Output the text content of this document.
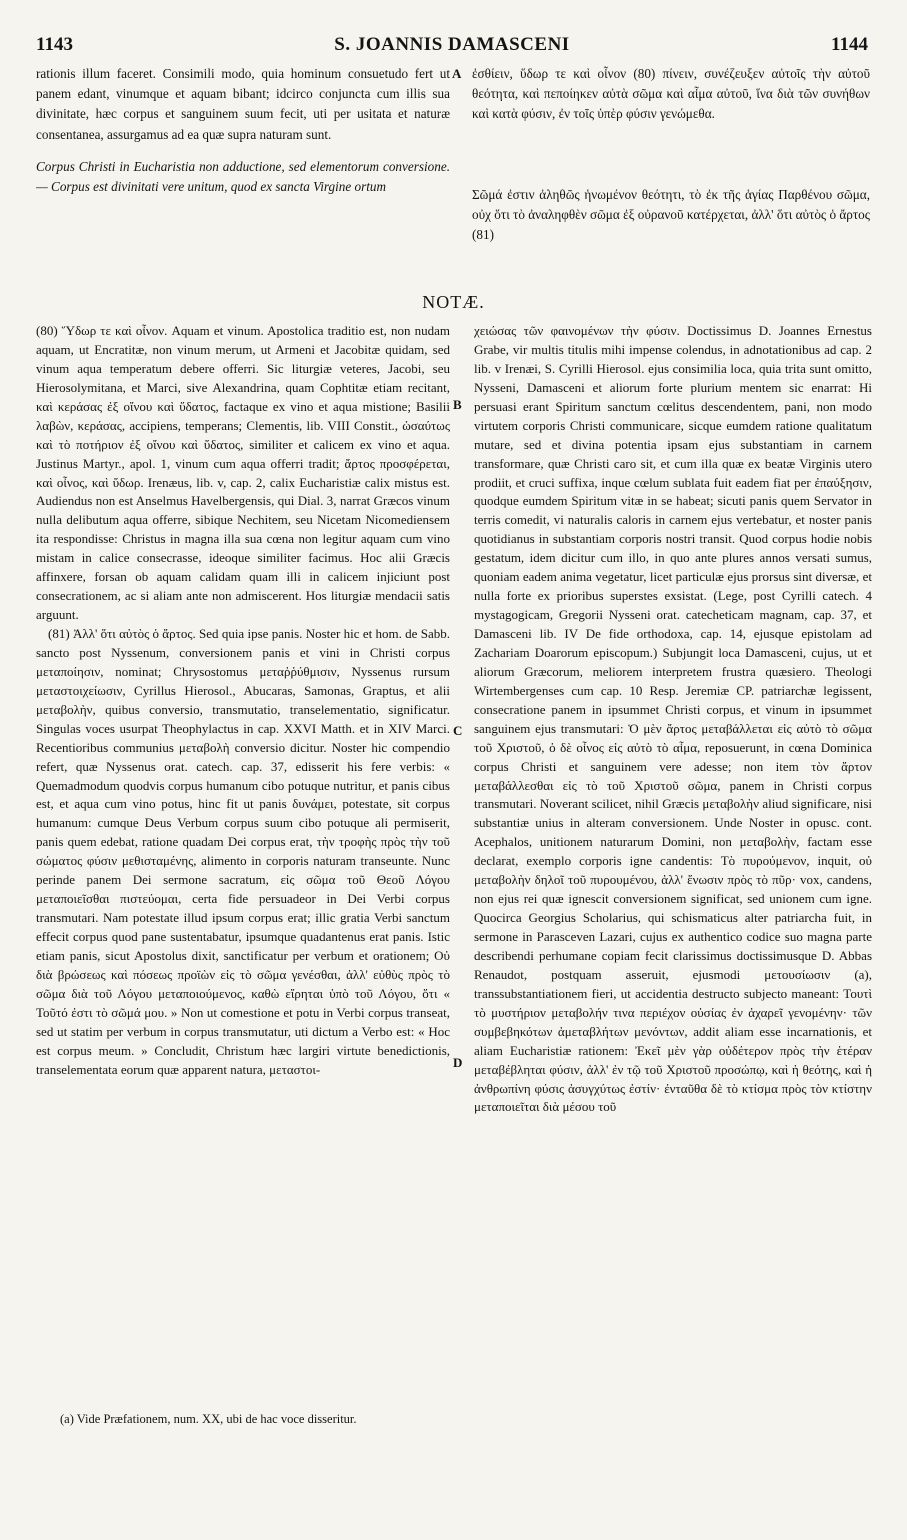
1143	S. JOANNIS DAMASCENI	1144

rationis illum faceret. Consimili modo, quia hominum consuetudo fert ut panem edant, vinumque et aquam bibant; idcirco conjuncta cum illis sua divinitate, hæc corpus et sanguinem suum fecit, uti per usitata et naturæ consentanea, assurgamus ad ea quæ supra naturam sunt.

Corpus Christi in Eucharistia non adductione, sed elementorum conversione. — Corpus est divinitati vere unitum, quod ex sancta Virgine ortum

A ἐσθίειν, ὕδωρ τε καὶ οἶνον (80) πίνειν, συνέζευξεν αὐτοῖς τὴν αὐτοῦ θεότητα, καὶ πεποίηκεν αὐτὰ σῶμα καὶ αἷμα αὐτοῦ, ἵνα διὰ τῶν συνήθων καὶ κατὰ φύσιν, ἐν τοῖς ὑπὲρ φύσιν γενώμεθα.

Σῶμά ἐστιν ἀληθῶς ἡνωμένον θεότητι, τὸ ἐκ τῆς ἁγίας Παρθένου σῶμα, οὐχ ὅτι τὸ ἀναληφθὲν σῶμα ἐξ οὐρανοῦ κατέρχεται, ἀλλ' ὅτι αὐτὸς ὁ ἄρτος (81)

NOTÆ.

(80) Ὕδωρ τε καὶ οἶνον. Aquam et vinum. Apostolica traditio est, non nudam aquam, ut Encratitæ, non vinum merum, ut Armeni et Jacobitæ quidam, sed vinum aqua temperatum debere offerri. Sic liturgiæ veteres, Jacobi, seu Hierosolymitana, et Marci, sive Alexandrina, quam Cophtitæ etiam recitant, καὶ κεράσας ἐξ οἴνου καὶ ὕδατος, factaque ex vino et aqua mistione; Basilii λαβὼν, κεράσας, accipiens, temperans; Clementis, lib. VIII Constit., ὡσαύτως καὶ τὸ ποτήριον ἐξ οἴνου καὶ ὕδατος, similiter et calicem ex vino et aqua. Justinus Martyr., apol. 1, vinum cum aqua offerri tradit; ἄρτος προσφέρεται, καὶ οἶνος, καὶ ὕδωρ. Irenæus, lib. v, cap. 2, calix Eucharistiæ calix mistus est. Audiendus non est Anselmus Havelbergensis, qui Dial. 3, narrat Græcos vinum nulla delibutum aqua offerre, sibique Nechitem, seu Nicetam Nicomediensem ita respondisse: Christus in magna illa sua cœna non legitur aquam cum vino mistam in calice consecrasse, ideoque similiter facimus. Hoc alii Græcis affinxere, forsan ob aquam calidam quam illi in calicem injiciunt post consecrationem, ac si aliam ante non admiscerent. Hos liturgiæ mendacii satis arguunt.

(81) Ἀλλ' ὅτι αὐτὸς ὁ ἄρτος. Sed quia ipse panis. Noster hic et hom. de Sabb. sancto post Nyssenum, conversionem panis et vini in Christi corpus μεταποίησιν, nominat; Chrysostomus μεταῤῥύθμισιν, Nyssenus rursum μεταστοιχείωσιν, Cyrillus Hierosol., Abucaras, Samonas, Graptus, et alii μεταβολὴν, quibus conversio, transmutatio, transelementatio, significatur. Singulas voces usurpat Theophylactus in cap. XXVI Matth. et in XIV Marci. Recentioribus communius μεταβολὴ conversio dicitur. Noster hic compendio refert, quæ Nyssenus orat. catech. cap. 37, edisserit his fere verbis: « Quemadmodum quodvis corpus humanum cibo potuque nutritur, et panis cibus est, et aqua cum vino potus, hinc fit ut panis δυνάμει, potestate, sit corpus humanum: cumque Deus Verbum corpus suum cibo potuque ali permiserit, panis quem edebat, ratione quadam Dei corpus erat, τὴν τροφὴς πρὸς τὴν τοῦ σώματος φύσιν μεθισταμένης, alimento in corporis naturam transeunte. Nunc perinde panem Dei sermone sacratum, εἰς σῶμα τοῦ Θεοῦ Λόγου μεταποιεῖσθαι πιστεύομαι, certa fide persuadeor in Dei Verbi corpus transmutari. Nam potestate illud ipsum corpus erat; illic gratia Verbi sanctum effecit corpus quod pane sustentabatur, ipsumque quadantenus erat panis. Istic etiam panis, sicut Apostolus dixit, sanctificatur per verbum et orationem; Οὐ διὰ βρώσεως καὶ πόσεως προϊὼν εἰς τὸ σῶμα γενέσθαι, ἀλλ' εὐθὺς πρὸς τὸ σῶμα διὰ τοῦ Λόγου μεταποιούμενος, καθὼ εἴρηται ὑπὸ τοῦ Λόγου, ὅτι « Τοῦτό ἐστι τὸ σῶμά μου. » Non ut comestione et potu in Verbi corpus transeat, sed ut statim per verbum in corpus transmutatur, uti dictum a Verbo est: « Hoc est corpus meum. » Concludit, Christum hæc largiri virtute benedictionis, transelementata eorum quæ apparent natura, μεταστοι-

B
C
D

χειώσας τῶν φαινομένων τὴν φύσιν. Doctissimus D. Joannes Ernestus Grabe, vir multis titulis mihi impense colendus, in adnotationibus ad cap. 2 lib. v Irenæi, S. Cyrilli Hierosol. ejus consimilia loca, quia trita sunt omitto, Nysseni, Damasceni et aliorum forte plurium mentem sic enarrat: Hi persuasi erant Spiritum sanctum cœlitus descendentem, pani, non modo virtutem corporis Christi communicare, sicque eumdem ratione qualitatum mutare, sed et divina potentia ipsam ejus substantiam in carnem transformare, quæ Christi caro sit, et cum illa quæ ex beatæ Virginis utero prodiit, et cruci suffixa, inque cœlum sublata fuit eadem fiat per ἐπαύξησιν, quodque eumdem Spiritum vitæ in se habeat; sicuti panis quem Servator in terris comedit, vi naturalis caloris in carnem ejus vertebatur, et noster panis quotidianus in substantiam corporis nostri transit. Quod corpus hodie nobis gestatum, idem dicitur cum illo, in quo ante plures annos versati sumus, quoniam eadem anima vegetatur, licet particulæ ejus prorsus sint diversæ, et nulla forte ex prioribus superstes exsistat. (Lege, post Cyrilli catech. 4 mystagogicam, Gregorii Nysseni orat. catecheticam magnam, cap. 37, et Damasceni lib. IV De fide orthodoxa, cap. 14, ejusque epistolam ad Zachariam Doarorum episcopum.) Subjungit loca Damasceni, cujus, ut et aliorum Græcorum, meliorem interpretem frustra quæsiero. Theologi Wirtembergenses cum cap. 10 Resp. Jeremiæ CP. patriarchæ legissent, consecratione panem in ipsummet Christi corpus, et vinum in ipsummet sanguinem ejus transmutari: Ὁ μὲν ἄρτος μεταβάλλεται εἰς αὐτὸ τὸ σῶμα τοῦ Χριστοῦ, ὁ δὲ οἶνος εἰς αὐτὸ τὸ αἷμα, reposuerunt, in cœna Dominica corpus Christi et sanguinem vere adesse; non item τὸν ἄρτον μεταβάλλεσθαι εἰς τὸ τοῦ Χριστοῦ σῶμα, panem in Christi corpus transmutari. Noverant scilicet, nihil Græcis μεταβολὴν aliud significare, nisi substantiæ unius in alteram conversionem. Unde Noster in opusc. cont. Acephalos, unitionem naturarum Domini, non μεταβολὴν, factam esse declarat, exemplo corporis igne candentis: Τὸ πυρούμενον, inquit, οὐ μεταβολὴν δηλοῖ τοῦ πυρουμένου, ἀλλ' ἕνωσιν πρὸς τὸ πῦρ· vox, candens, non ejus rei quæ ignescit conversionem significat, sed unionem cum igne. Quocirca Georgius Scholarius, qui schismaticus alter patriarcha fuit, in sermone in Parasceven Lazari, cujus ex authentico codice suo magna parte describendi perhumane copiam fecit clarissimus doctissimusque D. Abbas Renaudot, postquam asseruit, ejusmodi μετουσίωσιν (a), transsubstantiationem fieri, ut accidentia destructo subjecto maneant: Τουτὶ τὸ μυστήριον μεταβολήν τινα περιέχον οὐσίας ἐν ἀχαρεῖ γενομένην· τῶν συμβεβηκότων ἀμεταβλήτων μενόντων, addit aliam esse incarnationis, et aliam Eucharistiæ rationem: Ἐκεῖ μὲν γὰρ οὐδέτερον πρὸς τὴν ἑτέραν μεταβέβληται φύσιν, ἀλλ' ἐν τῷ τοῦ Χριστοῦ προσώπῳ, καὶ ἡ θεότης, καὶ ἡ ἀνθρωπίνη φύσις ἀσυγχύτως ἐστίν· ἐνταῦθα δὲ τὸ κτίσμα πρὸς τὸν κτίστην μεταποιεῖται διὰ μέσου τοῦ

(a) Vide Præfationem, num. XX, ubi de hac voce disseritur.
